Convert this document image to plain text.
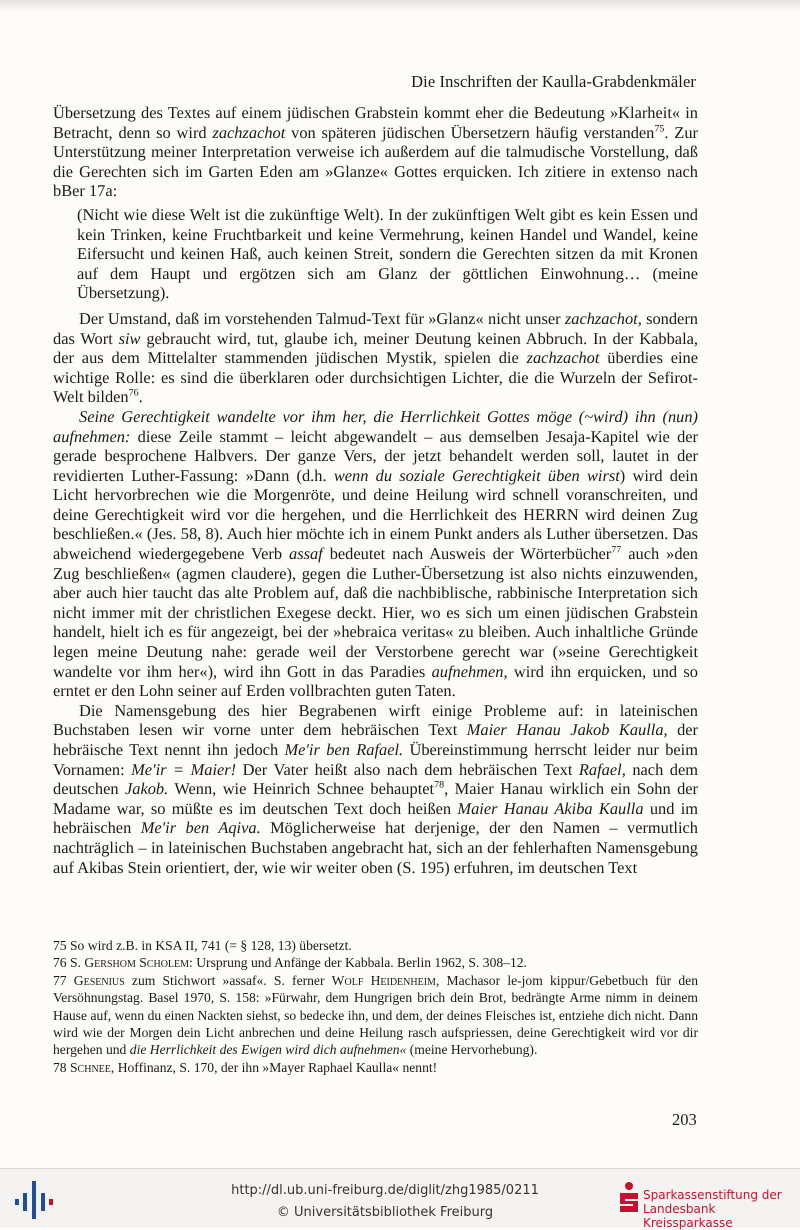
Die Inschriften der Kaulla-Grabdenkmäler

Übersetzung des Textes auf einem jüdischen Grabstein kommt eher die Bedeutung »Klarheit« in Betracht, denn so wird zachzachot von späteren jüdischen Übersetzern häufig verstanden$^{75}$. Zur Unterstützung meiner Interpretation verweise ich außerdem auf die talmudische Vorstellung, daß die Gerechten sich im Garten Eden am »Glanze« Gottes erquicken. Ich zitiere in extenso nach bBer 17a:

(Nicht wie diese Welt ist die zukünftige Welt). In der zukünftigen Welt gibt es kein Essen und kein Trinken, keine Fruchtbarkeit und keine Vermehrung, keinen Handel und Wandel, keine Eifersucht und keinen Haß, auch keinen Streit, sondern die Gerechten sitzen da mit Kronen auf dem Haupt und ergötzen sich am Glanz der göttlichen Einwohnung… (meine Übersetzung).

Der Umstand, daß im vorstehenden Talmud-Text für »Glanz« nicht unser zachzachot, sondern das Wort siw gebraucht wird, tut, glaube ich, meiner Deutung keinen Abbruch. In der Kabbala, der aus dem Mittelalter stammenden jüdischen Mystik, spielen die zachzachot überdies eine wichtige Rolle: es sind die überklaren oder durchsichtigen Lichter, die die Wurzeln der Sefirot-Welt bilden$^{76}$.

Seine Gerechtigkeit wandelte vor ihm her, die Herrlichkeit Gottes möge (~wird) ihn (nun) aufnehmen: diese Zeile stammt – leicht abgewandelt – aus demselben Jesaja-Kapitel wie der gerade besprochene Halbvers. Der ganze Vers, der jetzt behandelt werden soll, lautet in der revidierten Luther-Fassung: »Dann (d.h. wenn du soziale Gerechtigkeit üben wirst) wird dein Licht hervorbrechen wie die Morgenröte, und deine Heilung wird schnell voranschreiten, und deine Gerechtigkeit wird vor die hergehen, und die Herrlichkeit des HERRN wird deinen Zug beschließen.« (Jes. 58, 8). Auch hier möchte ich in einem Punkt anders als Luther übersetzen. Das abweichend wiedergegebene Verb assaf bedeutet nach Ausweis der Wörterbücher$^{77}$ auch »den Zug beschließen« (agmen claudere), gegen die Luther-Übersetzung ist also nichts einzuwenden, aber auch hier taucht das alte Problem auf, daß die nachbiblische, rabbinische Interpretation sich nicht immer mit der christlichen Exegese deckt. Hier, wo es sich um einen jüdischen Grabstein handelt, hielt ich es für angezeigt, bei der »hebraica veritas« zu bleiben. Auch inhaltliche Gründe legen meine Deutung nahe: gerade weil der Verstorbene gerecht war (»seine Gerechtigkeit wandelte vor ihm her«), wird ihn Gott in das Paradies aufnehmen, wird ihn erquicken, und so erntet er den Lohn seiner auf Erden vollbrachten guten Taten.

Die Namensgebung des hier Begrabenen wirft einige Probleme auf: in lateinischen Buchstaben lesen wir vorne unter dem hebräischen Text Maier Hanau Jakob Kaulla, der hebräische Text nennt ihn jedoch Me'ir ben Rafael. Übereinstimmung herrscht leider nur beim Vornamen: Me'ir = Maier! Der Vater heißt also nach dem hebräischen Text Rafael, nach dem deutschen Jakob. Wenn, wie Heinrich Schnee behauptet$^{78}$, Maier Hanau wirklich ein Sohn der Madame war, so müßte es im deutschen Text doch heißen Maier Hanau Akiba Kaulla und im hebräischen Me'ir ben Aqiva. Möglicherweise hat derjenige, der den Namen – vermutlich nachträglich – in lateinischen Buchstaben angebracht hat, sich an der fehlerhaften Namensgebung auf Akibas Stein orientiert, der, wie wir weiter oben (S. 195) erfuhren, im deutschen Text

75 So wird z.B. in KSA II, 741 (= § 128, 13) übersetzt.

76 S. Gershom Scholem: Ursprung und Anfänge der Kabbala. Berlin 1962, S. 308–12.

77 Gesenius zum Stichwort »assaf«. S. ferner Wolf Heidenheim, Machasor le-jom kippur/Gebetbuch für den Versöhnungstag. Basel 1970, S. 158: »Fürwahr, dem Hungrigen brich dein Brot, bedrängte Arme nimm in deinem Hause auf, wenn du einen Nackten siehst, so bedecke ihn, und dem, der deines Fleisches ist, entziehe dich nicht. Dann wird wie der Morgen dein Licht anbrechen und deine Heilung rasch aufspriessen, deine Gerechtigkeit wird vor dir hergehen und die Herrlichkeit des Ewigen wird dich aufnehmen« (meine Hervorhebung).

78 Schnee, Hoffinanz, S. 170, der ihn »Mayer Raphael Kaulla« nennt!

203
http://dl.ub.uni-freiburg.de/diglit/zhg1985/0211
© Universitätsbibliothek Freiburg
Sparkassenstiftung der
Landesbank Kreissparkasse
